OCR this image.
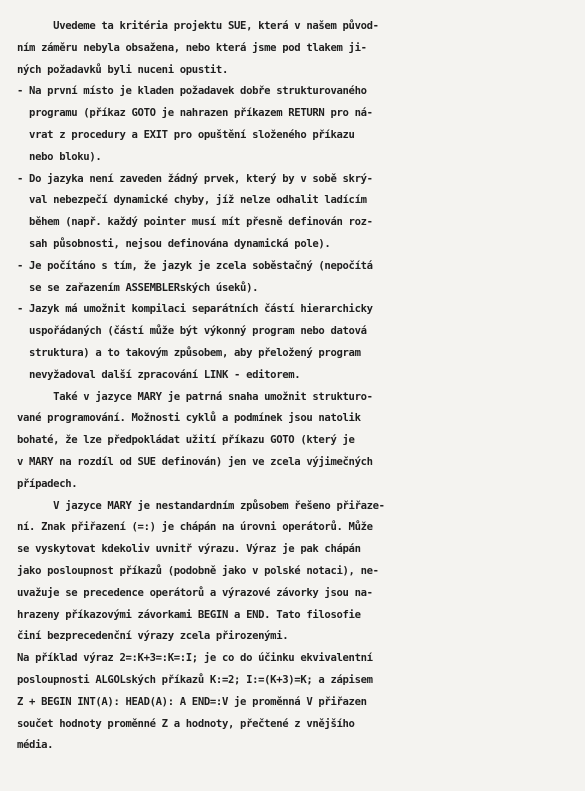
Uvedeme ta kritéria projektu SUE, která v našem původ-
ním záměru nebyla obsažena, nebo která jsme pod tlakem ji-
ných požadavků byli nuceni opustit.
- Na první místo je kladen požadavek dobře strukturovaného
programu (příkaz GOTO je nahrazen příkazem RETURN pro ná-
vrat z procedury a EXIT pro opuštění složeného příkazu
nebo bloku).
- Do jazyka není zaveden žádný prvek, který by v sobě skrý-
val nebezpečí dynamické chyby, jíž nelze odhalit ladícím
během (např. každý pointer musí mít přesně definován roz-
sah působnosti, nejsou definována dynamická pole).
- Je počítáno s tím, že jazyk je zcela soběstačný (nepočítá
se se zařazením ASSEMBLERských úseků).
- Jazyk má umožnit kompilaci separátních částí hierarchicky
uspořádaných (částí může být výkonný program nebo datová
struktura) a to takovým způsobem, aby přeložený program
nevyžadoval další zpracování LINK - editorem.
Také v jazyce MARY je patrná snaha umožnit strukturo-
vané programování. Možnosti cyklů a podmínek jsou natolik
bohaté, že lze předpokládat užití příkazu GOTO (který je
v MARY na rozdíl od SUE definován) jen ve zcela výjimečných
případech.
V jazyce MARY je nestandardním způsobem řešeno přiřaze-
ní. Znak přiřazení (=:) je chápán na úrovni operátorů. Může
se vyskytovat kdekoliv uvnitř výrazu. Výraz je pak chápán
jako posloupnost příkazů (podobně jako v polské notaci), ne-
uvažuje se precedence operátorů a výrazové závorky jsou na-
hrazeny příkazovými závorkami BEGIN a END. Tato filosofie
činí bezprecedenční výrazy zcela přirozenými.
Na příklad výraz 2=:K+3=:K=:I; je co do účinku ekvivalentní
posloupnosti ALGOLských příkazů K:=2; I:=(K+3)=K; a zápisem
Z + BEGIN INT(A): HEAD(A): A END=:V je proměnná V přiřazen
součet hodnoty proměnné Z a hodnoty, přečtené z vnějšího
média.
